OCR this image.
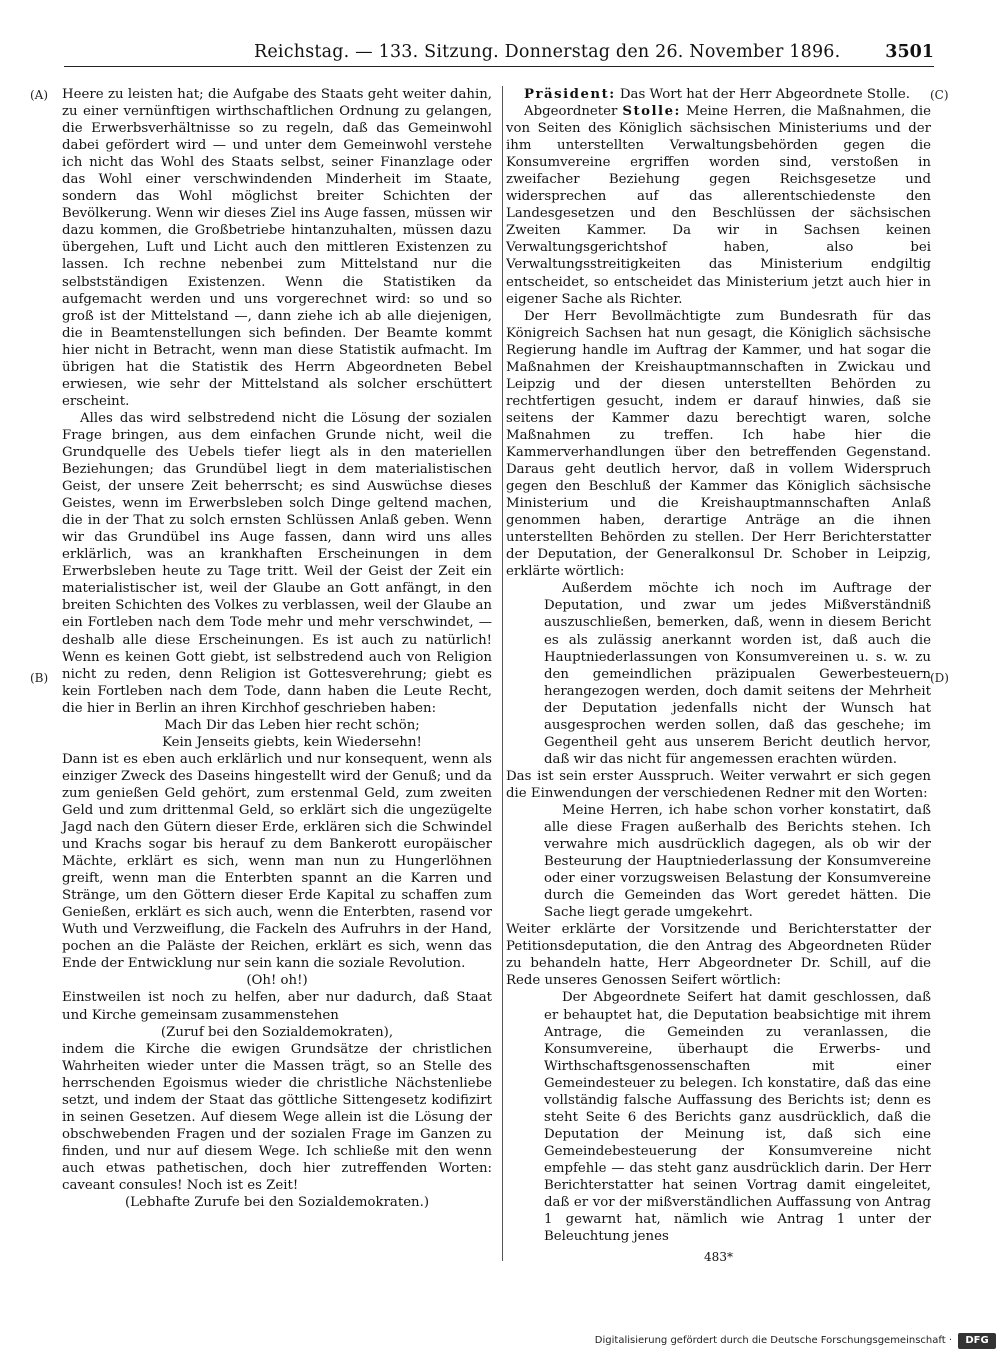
Reichstag. — 133. Sitzung. Donnerstag den 26. November 1896.	3501
(A)
(B)
(C)
(D)

Heere zu leisten hat; die Aufgabe des Staats geht weiter dahin, zu einer vernünftigen wirthschaftlichen Ordnung zu gelangen, die Erwerbsverhältnisse so zu regeln, daß das Gemeinwohl dabei gefördert wird — und unter dem Gemeinwohl verstehe ich nicht das Wohl des Staats selbst, seiner Finanzlage oder das Wohl einer verschwindenden Minderheit im Staate, sondern das Wohl möglichst breiter Schichten der Bevölkerung. Wenn wir dieses Ziel ins Auge fassen, müssen wir dazu kommen, die Großbetriebe hintanzuhalten, müssen dazu übergehen, Luft und Licht auch den mittleren Existenzen zu lassen. Ich rechne nebenbei zum Mittelstand nur die selbstständigen Existenzen. Wenn die Statistiken da aufgemacht werden und uns vorgerechnet wird: so und so groß ist der Mittelstand —, dann ziehe ich ab alle diejenigen, die in Beamtenstellungen sich befinden. Der Beamte kommt hier nicht in Betracht, wenn man diese Statistik aufmacht. Im übrigen hat die Statistik des Herrn Abgeordneten Bebel erwiesen, wie sehr der Mittelstand als solcher erschüttert erscheint.

Alles das wird selbstredend nicht die Lösung der sozialen Frage bringen, aus dem einfachen Grunde nicht, weil die Grundquelle des Uebels tiefer liegt als in den materiellen Beziehungen; das Grundübel liegt in dem materialistischen Geist, der unsere Zeit beherrscht; es sind Auswüchse dieses Geistes, wenn im Erwerbsleben solch Dinge geltend machen, die in der That zu solch ernsten Schlüssen Anlaß geben. Wenn wir das Grundübel ins Auge fassen, dann wird uns alles erklärlich, was an krankhaften Erscheinungen in dem Erwerbsleben heute zu Tage tritt. Weil der Geist der Zeit ein materialistischer ist, weil der Glaube an Gott anfängt, in den breiten Schichten des Volkes zu verblassen, weil der Glaube an ein Fortleben nach dem Tode mehr und mehr verschwindet, — deshalb alle diese Erscheinungen. Es ist auch zu natürlich! Wenn es keinen Gott giebt, ist selbstredend auch von Religion nicht zu reden, denn Religion ist Gottesverehrung; giebt es kein Fortleben nach dem Tode, dann haben die Leute Recht, die hier in Berlin an ihren Kirchhof geschrieben haben:

Mach Dir das Leben hier recht schön;

Kein Jenseits giebts, kein Wiedersehn!

Dann ist es eben auch erklärlich und nur konsequent, wenn als einziger Zweck des Daseins hingestellt wird der Genuß; und da zum genießen Geld gehört, zum erstenmal Geld, zum zweiten Geld und zum drittenmal Geld, so erklärt sich die ungezügelte Jagd nach den Gütern dieser Erde, erklären sich die Schwindel und Krachs sogar bis herauf zu dem Bankerott europäischer Mächte, erklärt es sich, wenn man nun zu Hungerlöhnen greift, wenn man die Enterbten spannt an die Karren und Stränge, um den Göttern dieser Erde Kapital zu schaffen zum Genießen, erklärt es sich auch, wenn die Enterbten, rasend vor Wuth und Verzweiflung, die Fackeln des Aufruhrs in der Hand, pochen an die Paläste der Reichen, erklärt es sich, wenn das Ende der Entwicklung nur sein kann die soziale Revolution.

(Oh! oh!)

Einstweilen ist noch zu helfen, aber nur dadurch, daß Staat und Kirche gemeinsam zusammenstehen

(Zuruf bei den Sozialdemokraten),

indem die Kirche die ewigen Grundsätze der christlichen Wahrheiten wieder unter die Massen trägt, so an Stelle des herrschenden Egoismus wieder die christliche Nächstenliebe setzt, und indem der Staat das göttliche Sittengesetz kodifizirt in seinen Gesetzen. Auf diesem Wege allein ist die Lösung der obschwebenden Fragen und der sozialen Frage im Ganzen zu finden, und nur auf diesem Wege. Ich schließe mit den wenn auch etwas pathetischen, doch hier zutreffenden Worten: caveant consules! Noch ist es Zeit!

(Lebhafte Zurufe bei den Sozialdemokraten.)

Präsident: Das Wort hat der Herr Abgeordnete Stolle.

Abgeordneter Stolle: Meine Herren, die Maßnahmen, die von Seiten des Königlich sächsischen Ministeriums und der ihm unterstellten Verwaltungsbehörden gegen die Konsumvereine ergriffen worden sind, verstoßen in zweifacher Beziehung gegen Reichsgesetze und widersprechen auf das allerentschiedenste den Landesgesetzen und den Beschlüssen der sächsischen Zweiten Kammer. Da wir in Sachsen keinen Verwaltungsgerichtshof haben, also bei Verwaltungsstreitigkeiten das Ministerium endgiltig entscheidet, so entscheidet das Ministerium jetzt auch hier in eigener Sache als Richter.

Der Herr Bevollmächtigte zum Bundesrath für das Königreich Sachsen hat nun gesagt, die Königlich sächsische Regierung handle im Auftrag der Kammer, und hat sogar die Maßnahmen der Kreishauptmannschaften in Zwickau und Leipzig und der diesen unterstellten Behörden zu rechtfertigen gesucht, indem er darauf hinwies, daß sie seitens der Kammer dazu berechtigt waren, solche Maßnahmen zu treffen. Ich habe hier die Kammerverhandlungen über den betreffenden Gegenstand. Daraus geht deutlich hervor, daß in vollem Widerspruch gegen den Beschluß der Kammer das Königlich sächsische Ministerium und die Kreishauptmannschaften Anlaß genommen haben, derartige Anträge an die ihnen unterstellten Behörden zu stellen. Der Herr Berichterstatter der Deputation, der Generalkonsul Dr. Schober in Leipzig, erklärte wörtlich:

Außerdem möchte ich noch im Auftrage der Deputation, und zwar um jedes Mißverständniß auszuschließen, bemerken, daß, wenn in diesem Bericht es als zulässig anerkannt worden ist, daß auch die Hauptniederlassungen von Konsumvereinen u. s. w. zu den gemeindlichen präzipualen Gewerbesteuern herangezogen werden, doch damit seitens der Mehrheit der Deputation jedenfalls nicht der Wunsch hat ausgesprochen werden sollen, daß das geschehe; im Gegentheil geht aus unserem Bericht deutlich hervor, daß wir das nicht für angemessen erachten würden.

Das ist sein erster Ausspruch. Weiter verwahrt er sich gegen die Einwendungen der verschiedenen Redner mit den Worten:

Meine Herren, ich habe schon vorher konstatirt, daß alle diese Fragen außerhalb des Berichts stehen. Ich verwahre mich ausdrücklich dagegen, als ob wir der Besteurung der Hauptniederlassung der Konsumvereine oder einer vorzugsweisen Belastung der Konsumvereine durch die Gemeinden das Wort geredet hätten. Die Sache liegt gerade umgekehrt.

Weiter erklärte der Vorsitzende und Berichterstatter der Petitionsdeputation, die den Antrag des Abgeordneten Rüder zu behandeln hatte, Herr Abgeordneter Dr. Schill, auf die Rede unseres Genossen Seifert wörtlich:

Der Abgeordnete Seifert hat damit geschlossen, daß er behauptet hat, die Deputation beabsichtige mit ihrem Antrage, die Gemeinden zu veranlassen, die Konsumvereine, überhaupt die Erwerbs- und Wirthschaftsgenossenschaften mit einer Gemeindesteuer zu belegen. Ich konstatire, daß das eine vollständig falsche Auffassung des Berichts ist; denn es steht Seite 6 des Berichts ganz ausdrücklich, daß die Deputation der Meinung ist, daß sich eine Gemeindebesteuerung der Konsumvereine nicht empfehle — das steht ganz ausdrücklich darin. Der Herr Berichterstatter hat seinen Vortrag damit eingeleitet, daß er vor der mißverständlichen Auffassung von Antrag 1 gewarnt hat, nämlich wie Antrag 1 unter der Beleuchtung jenes

483*

Digitalisierung gefördert durch die Deutsche Forschungsgemeinschaft ·	DFG
